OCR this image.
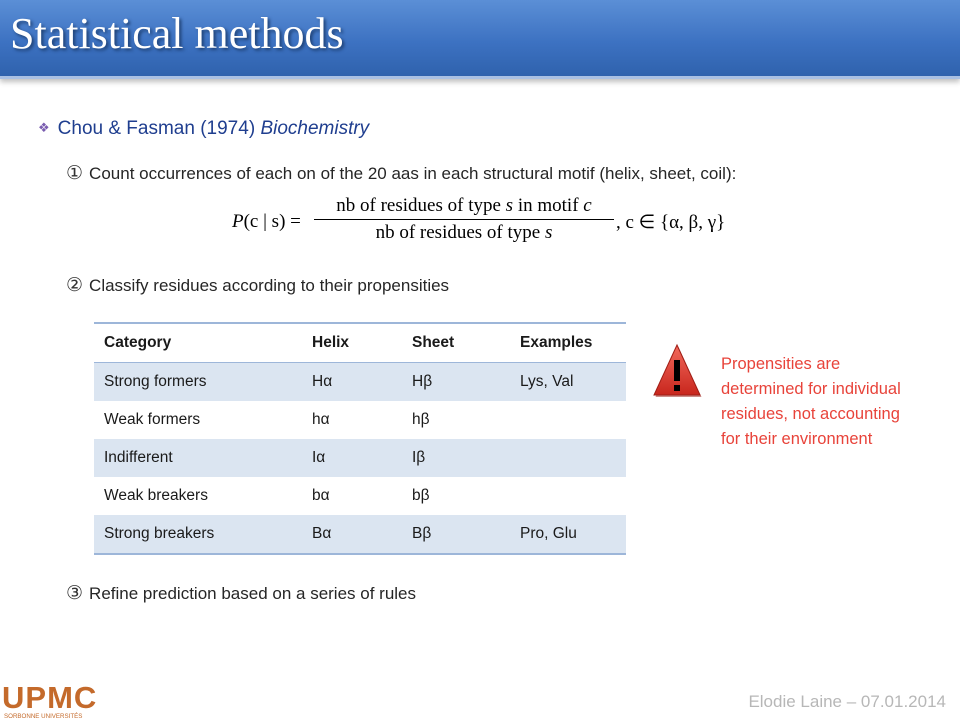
Statistical methods
❖ Chou & Fasman (1974) Biochemistry
① Count occurrences of each on of the 20 aas in each structural motif (helix, sheet, coil):
P(c | s) =
nb of residues of type s in motif c
nb of residues of type s	, c ∈ {α, β, γ}
② Classify residues according to their propensities
Category	Helix	Sheet	Examples
Strong formers	Hα	Hβ	Lys, Val
Weak formers	hα	hβ	
Indifferent	Iα	Iβ	
Weak breakers	bα	bβ	
Strong breakers	Bα	Bβ	Pro, Glu
Propensities are determined for individual residues, not accounting for their environment
③ Refine prediction based on a series of rules
UPMC
SORBONNE UNIVERSITÉS
Elodie Laine – 07.01.2014
